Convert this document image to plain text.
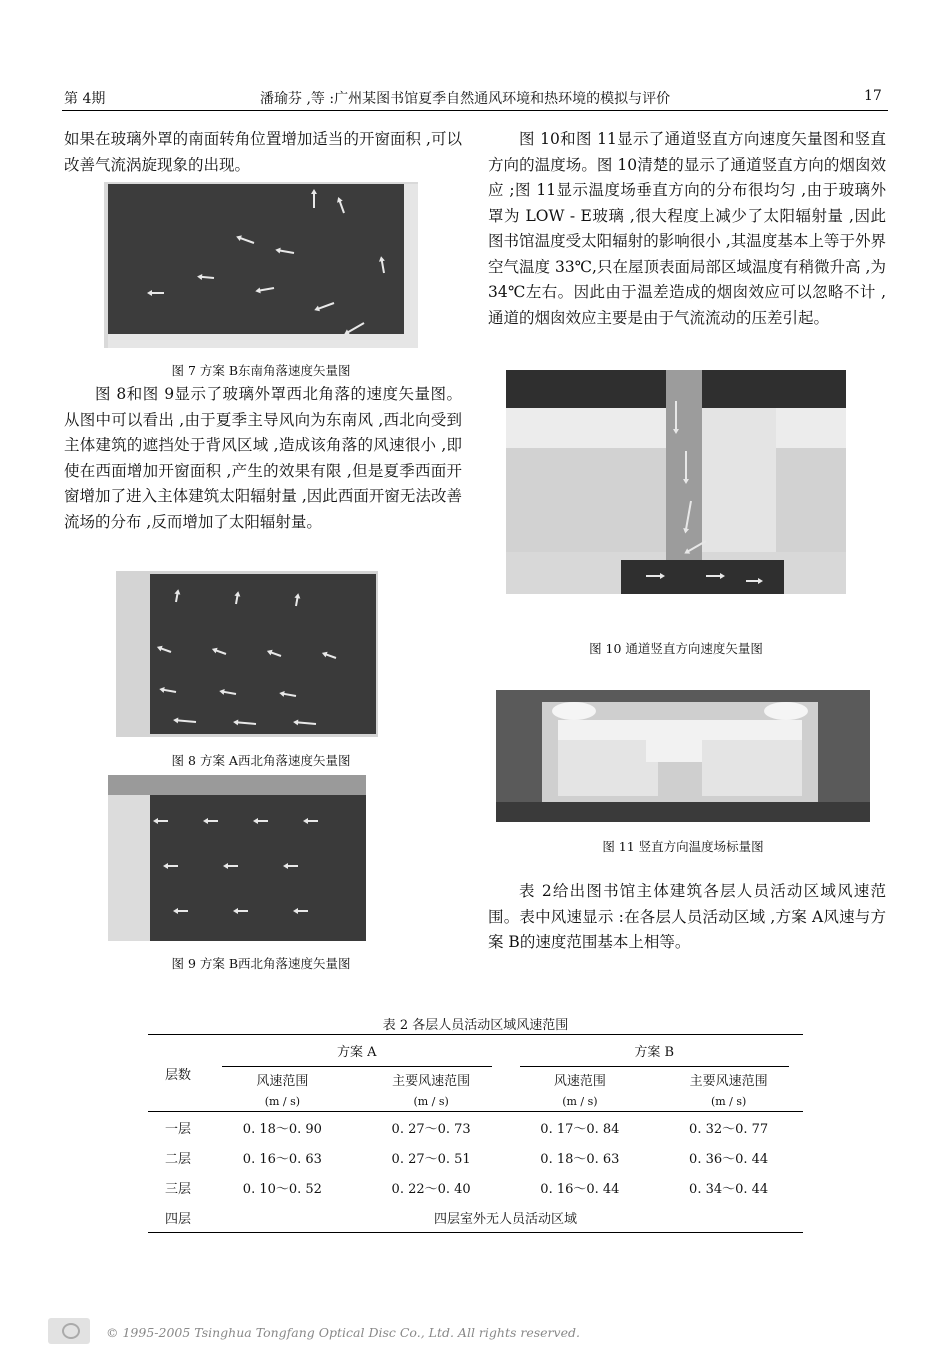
第 4期	潘瑜芬 ,等 :广州某图书馆夏季自然通风环境和热环境的模拟与评价	17

如果在玻璃外罩的南面转角位置增加适当的开窗面积 ,可以改善气流涡旋现象的出现。

图 7 方案 B东南角落速度矢量图

图 8和图 9显示了玻璃外罩西北角落的速度矢量图。从图中可以看出 ,由于夏季主导风向为东南风 ,西北向受到主体建筑的遮挡处于背风区域 ,造成该角落的风速很小 ,即使在西面增加开窗面积 ,产生的效果有限 ,但是夏季西面开窗增加了进入主体建筑太阳辐射量 ,因此西面开窗无法改善流场的分布 ,反而增加了太阳辐射量。

图 8 方案 A西北角落速度矢量图
图 9 方案 B西北角落速度矢量图

图 10和图 11显示了通道竖直方向速度矢量图和竖直方向的温度场。图 10清楚的显示了通道竖直方向的烟囱效应 ;图 11显示温度场垂直方向的分布很均匀 ,由于玻璃外罩为 LOW - E玻璃 ,很大程度上减少了太阳辐射量 ,因此图书馆温度受太阳辐射的影响很小 ,其温度基本上等于外界空气温度 33℃,只在屋顶表面局部区域温度有稍微升高 ,为 34℃左右。因此由于温差造成的烟囱效应可以忽略不计 ,通道的烟囱效应主要是由于气流流动的压差引起。

图 10 通道竖直方向速度矢量图
图 11 竖直方向温度场标量图

表 2给出图书馆主体建筑各层人员活动区域风速范围。表中风速显示 :在各层人员活动区域 ,方案 A风速与方案 B的速度范围基本上相等。

表 2 各层人员活动区域风速范围
层数	方案 A		方案 B	

	风速范围	主要风速范围	风速范围	主要风速范围
	(m / s)	(m / s)	(m / s)	(m / s)
一层	0. 18～0. 90	0. 27～0. 73	0. 17～0. 84	0. 32～0. 77
二层	0. 16～0. 63	0. 27～0. 51	0. 18～0. 63	0. 36～0. 44
三层	0. 10～0. 52	0. 22～0. 40	0. 16～0. 44	0. 34～0. 44
四层	四层室外无人员活动区域			
© 1995-2005 Tsinghua Tongfang Optical Disc Co., Ltd. All rights reserved.
